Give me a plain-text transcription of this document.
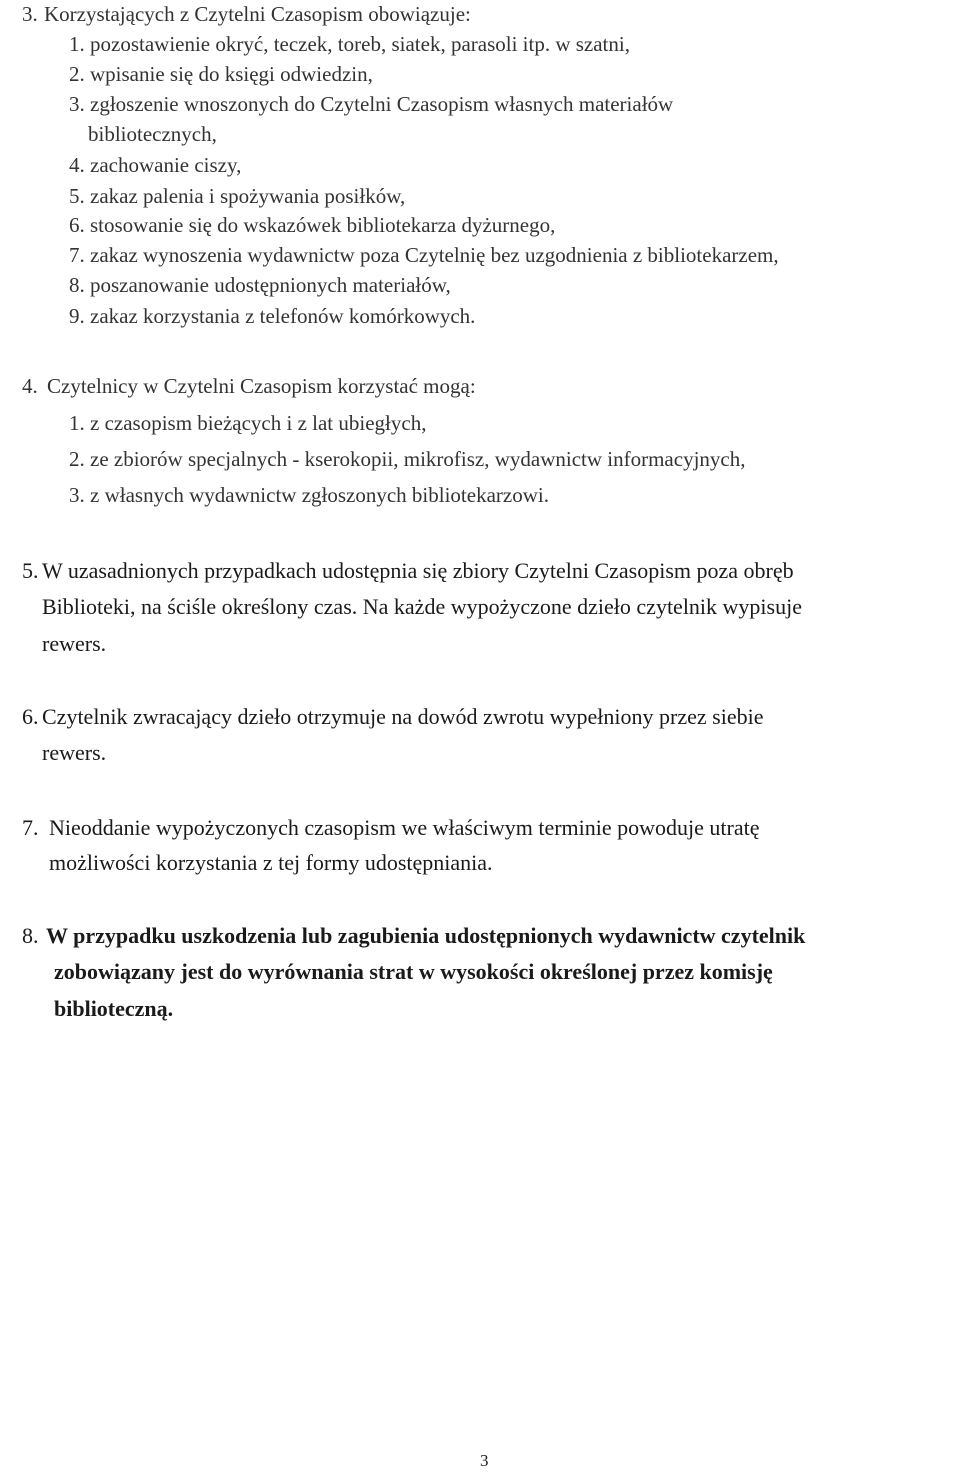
3. Korzystających z Czytelni Czasopism obowiązuje:
1. pozostawienie okryć, teczek, toreb, siatek, parasoli itp. w szatni,
2. wpisanie się do księgi odwiedzin,
3. zgłoszenie wnoszonych do Czytelni Czasopism własnych materiałów
bibliotecznych,
4. zachowanie ciszy,
5. zakaz palenia i spożywania posiłków,
6. stosowanie się do wskazówek bibliotekarza dyżurnego,
7. zakaz wynoszenia wydawnictw poza Czytelnię bez uzgodnienia z bibliotekarzem,
8. poszanowanie udostępnionych materiałów,
9. zakaz korzystania z telefonów komórkowych.
4. Czytelnicy w Czytelni Czasopism korzystać mogą:
1. z czasopism bieżących i z lat ubiegłych,
2. ze zbiorów specjalnych - kserokopii, mikrofisz, wydawnictw informacyjnych,
3. z własnych wydawnictw zgłoszonych bibliotekarzowi.
5. W uzasadnionych przypadkach udostępnia się zbiory Czytelni Czasopism poza obręb
Biblioteki, na ściśle określony czas. Na każde wypożyczone dzieło czytelnik wypisuje
rewers.
6. Czytelnik zwracający dzieło otrzymuje na dowód zwrotu wypełniony przez siebie
rewers.
7. Nieoddanie wypożyczonych czasopism we właściwym terminie powoduje utratę
możliwości korzystania z tej formy udostępniania.
8. W przypadku uszkodzenia lub zagubienia udostępnionych wydawnictw czytelnik
zobowiązany jest do wyrównania strat w wysokości określonej przez komisję
biblioteczną.
3
